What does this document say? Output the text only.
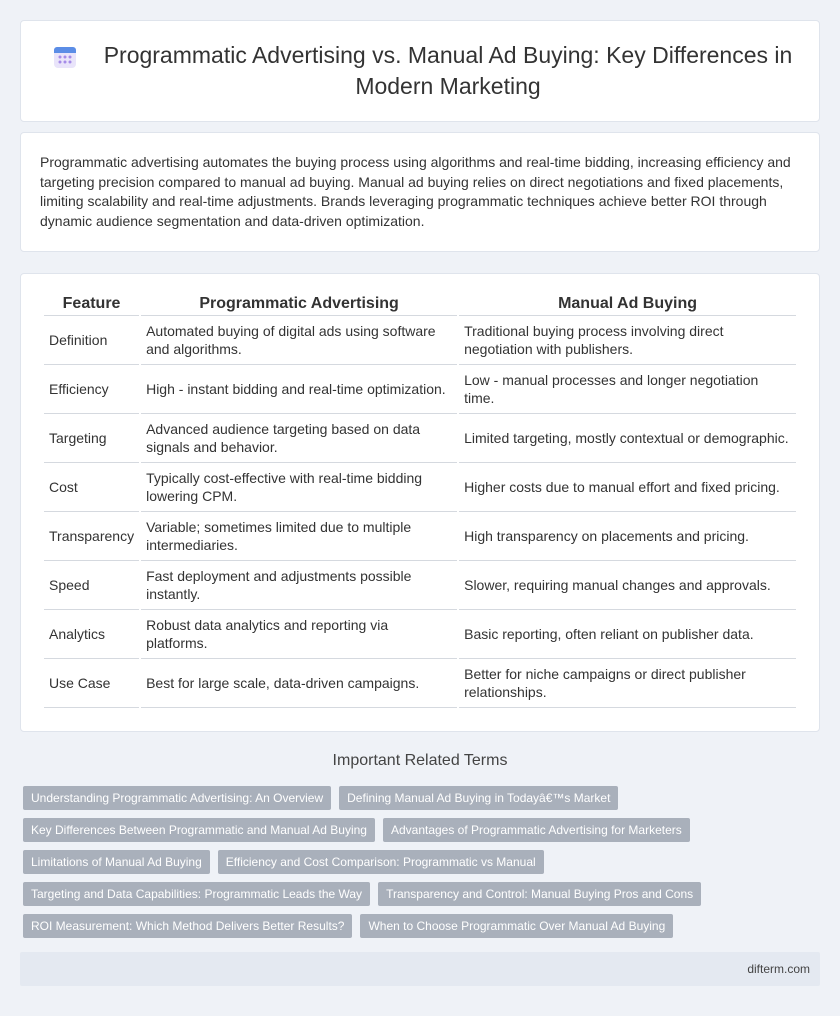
Programmatic Advertising vs. Manual Ad Buying: Key Differences in Modern Marketing

Programmatic advertising automates the buying process using algorithms and real-time bidding, increasing efficiency and targeting precision compared to manual ad buying. Manual ad buying relies on direct negotiations and fixed placements, limiting scalability and real-time adjustments. Brands leveraging programmatic techniques achieve better ROI through dynamic audience segmentation and data-driven optimization.

Feature	Programmatic Advertising	Manual Ad Buying
Definition	Automated buying of digital ads using software and algorithms.	Traditional buying process involving direct negotiation with publishers.
Efficiency	High - instant bidding and real-time optimization.	Low - manual processes and longer negotiation time.
Targeting	Advanced audience targeting based on data signals and behavior.	Limited targeting, mostly contextual or demographic.
Cost	Typically cost-effective with real-time bidding lowering CPM.	Higher costs due to manual effort and fixed pricing.
Transparency	Variable; sometimes limited due to multiple intermediaries.	High transparency on placements and pricing.
Speed	Fast deployment and adjustments possible instantly.	Slower, requiring manual changes and approvals.
Analytics	Robust data analytics and reporting via platforms.	Basic reporting, often reliant on publisher data.
Use Case	Best for large scale, data-driven campaigns.	Better for niche campaigns or direct publisher relationships.
Important Related Terms
Understanding Programmatic Advertising: An Overview	Defining Manual Ad Buying in Todayâ€™s Market
Key Differences Between Programmatic and Manual Ad Buying	Advantages of Programmatic Advertising for Marketers
Limitations of Manual Ad Buying	Efficiency and Cost Comparison: Programmatic vs Manual
Targeting and Data Capabilities: Programmatic Leads the Way	Transparency and Control: Manual Buying Pros and Cons
ROI Measurement: Which Method Delivers Better Results?	When to Choose Programmatic Over Manual Ad Buying
difterm.com
